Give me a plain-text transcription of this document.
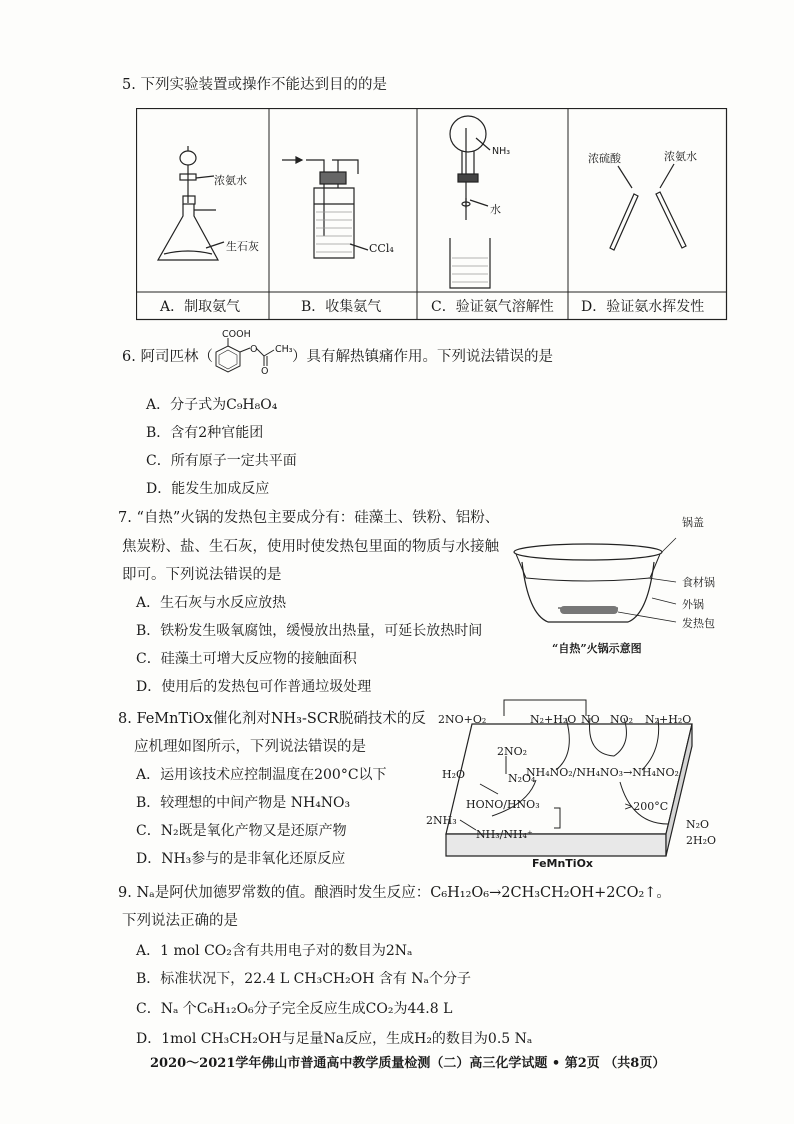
5. 下列实验装置或操作不能达到目的的是
浓氨水
生石灰	CCl₄
NH₃
水
浓硫酸	浓氨水
A．制取氨气	B．收集氨气	C．验证氨气溶解性 D．验证氨水挥发性
6. 阿司匹林（
COOH
O
O
CH₃ ）具有解热镇痛作用。下列说法错误的是
A．分子式为C₉H₈O₄
B．含有2种官能团
C．所有原子一定共平面
D．能发生加成反应
7. “自热”火锅的发热包主要成分有：硅藻土、铁粉、铝粉、
焦炭粉、盐、生石灰，使用时使发热包里面的物质与水接触
即可。下列说法错误的是
A．生石灰与水反应放热
B．铁粉发生吸氧腐蚀，缓慢放出热量，可延长放热时间
C．硅藻土可增大反应物的接触面积
D．使用后的发热包可作普通垃圾处理
锅盖
食材锅
外锅
发热包
“自热”火锅示意图
8. FeMnTiOx催化剂对NH₃-SCR脱硝技术的反
应机理如图所示，下列说法错误的是
A．运用该技术应控制温度在200°C以下
B．较理想的中间产物是 NH₄NO₃
C．N₂既是氧化产物又是还原产物
D．NH₃参与的是非氧化还原反应
2NO+O₂	N₂+H₂O NO NO₂ N₂+H₂O
2NO₂
H₂O	N₂O₄
NH₄NO₂/NH₄NO₃→NH₄NO₂
HONO/HNO₃	>200°C
2NH₃
NH₃/NH₄⁺
N₂O
2H₂O
FeMnTiOx
9. Nₐ是阿伏加德罗常数的值。酿酒时发生反应：C₆H₁₂O₆→2CH₃CH₂OH+2CO₂↑。
下列说法正确的是
A．1 mol CO₂含有共用电子对的数目为2Nₐ
B．标准状况下，22.4 L CH₃CH₂OH 含有 Nₐ个分子
C．Nₐ 个C₆H₁₂O₆分子完全反应生成CO₂为44.8 L
D．1mol CH₃CH₂OH与足量Na反应，生成H₂的数目为0.5 Nₐ
2020～2021学年佛山市普通高中教学质量检测（二）高三化学试题 • 第2页 （共8页）
